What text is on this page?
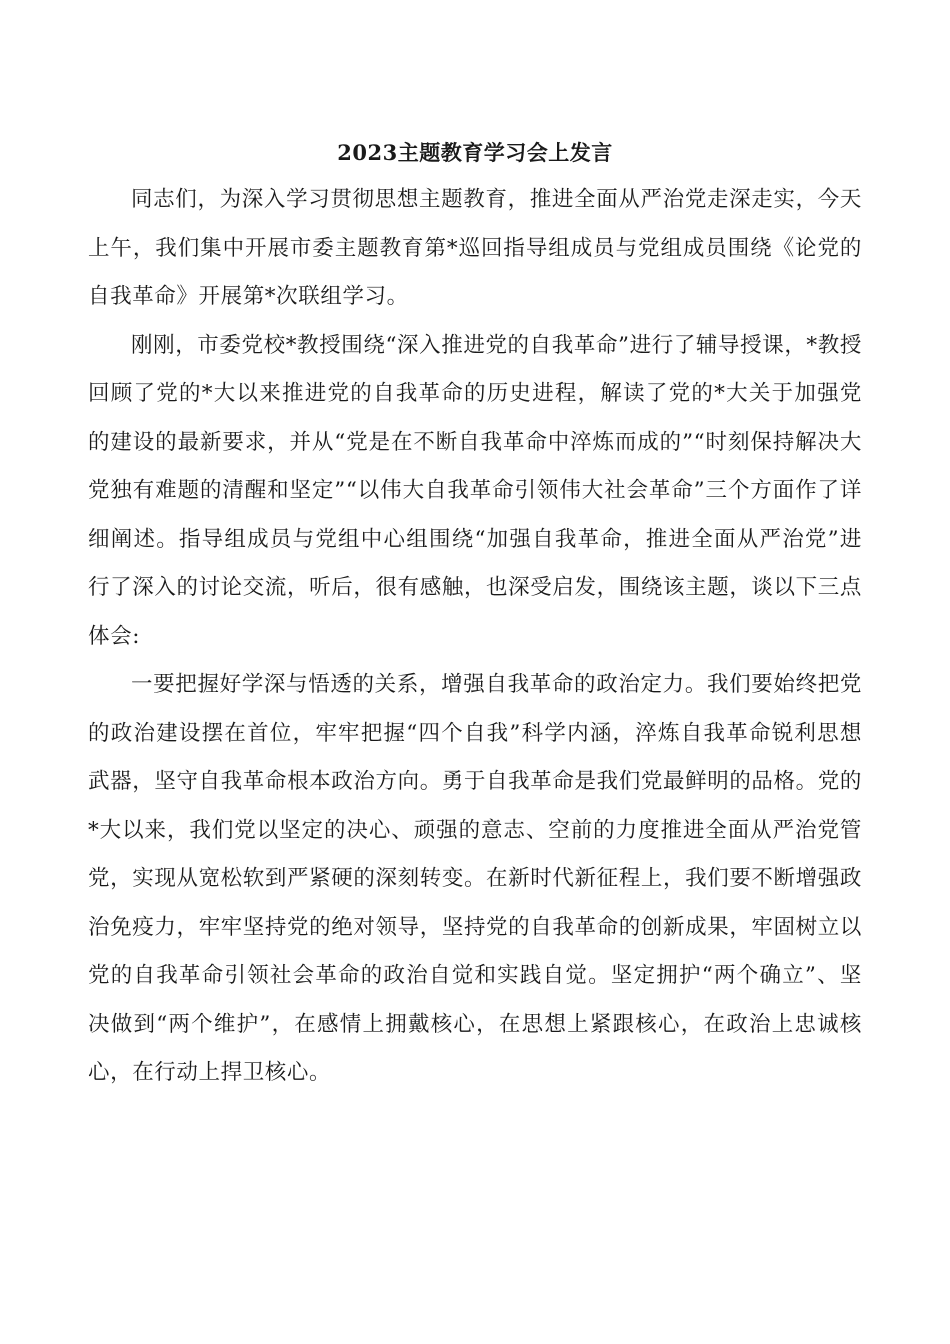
2023主题教育学习会上发言

同志们，为深入学习贯彻思想主题教育，推进全面从严治党走深走实，今天上午，我们集中开展市委主题教育第*巡回指导组成员与党组成员围绕《论党的自我革命》开展第*次联组学习。

刚刚，市委党校*教授围绕“深入推进党的自我革命”进行了辅导授课，*教授回顾了党的*大以来推进党的自我革命的历史进程，解读了党的*大关于加强党的建设的最新要求，并从“党是在不断自我革命中淬炼而成的”“时刻保持解决大党独有难题的清醒和坚定”“以伟大自我革命引领伟大社会革命”三个方面作了详细阐述。指导组成员与党组中心组围绕“加强自我革命，推进全面从严治党”进行了深入的讨论交流，听后，很有感触，也深受启发，围绕该主题，谈以下三点体会:

一要把握好学深与悟透的关系，增强自我革命的政治定力。我们要始终把党的政治建设摆在首位，牢牢把握“四个自我”科学内涵，淬炼自我革命锐利思想武器，坚守自我革命根本政治方向。勇于自我革命是我们党最鲜明的品格。党的*大以来，我们党以坚定的决心、顽强的意志、空前的力度推进全面从严治党管党，实现从宽松软到严紧硬的深刻转变。在新时代新征程上，我们要不断增强政治免疫力，牢牢坚持党的绝对领导，坚持党的自我革命的创新成果，牢固树立以党的自我革命引领社会革命的政治自觉和实践自觉。坚定拥护“两个确立”、坚决做到“两个维护”，在感情上拥戴核心，在思想上紧跟核心，在政治上忠诚核心，在行动上捍卫核心。
